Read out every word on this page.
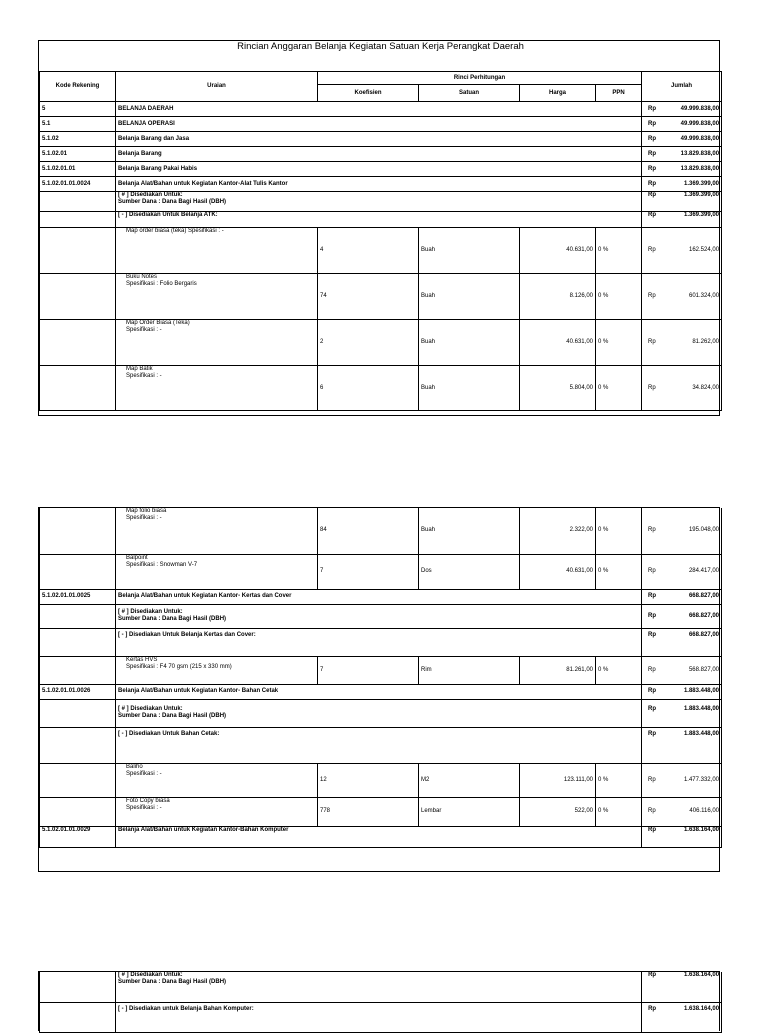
Rincian Anggaran Belanja Kegiatan Satuan Kerja Perangkat Daerah							
Kode Rekening	Uraian	Rinci Perhitungan				Jumlah	
		Koefisien	Satuan	Harga	PPN		
5	BELANJA DAERAH					Rp	49.999.838,00
5.1	BELANJA OPERASI					Rp	49.999.838,00
5.1.02	Belanja Barang dan Jasa					Rp	49.999.838,00
5.1.02.01	Belanja Barang					Rp	13.829.838,00
5.1.02.01.01	Belanja Barang Pakai Habis					Rp	13.829.838,00
5.1.02.01.01.0024	Belanja Alat/Bahan untuk Kegiatan Kantor-Alat Tulis Kantor					Rp	1.369.399,00

	[ # ] Disediakan Untuk:
Sumber Dana : Dana Bagi Hasil (DBH)					Rp	1.369.399,00
	[ - ] Disediakan Untuk Belanja ATK:					Rp	1.369.399,00

	Map order biasa (teka) Spesifikasi : -	4	Buah	40.631,00	0 %	Rp	162.524,00

	Buku Notes
Spesifikasi : Folio Bergaris	74	Buah	8.126,00	0 %	Rp	601.324,00

	Map Order Biasa (Teka)
Spesifikasi : -	2	Buah	40.631,00	0 %	Rp	81.262,00

	Map Batik
Spesifikasi : -	6	Buah	5.804,00	0 %	Rp	34.824,00

	Map folio biasa
Spesifikasi : -	84	Buah	2.322,00	0 %	Rp	195.048,00

	Balpoint
Spesifikasi : Snowman V-7	7	Dos	40.631,00	0 %	Rp	284.417,00
5.1.02.01.01.0025	Belanja Alat/Bahan untuk Kegiatan Kantor- Kertas dan Cover					Rp	668.827,00

	[ # ] Disediakan Untuk:
Sumber Dana : Dana Bagi Hasil (DBH)					Rp	668.827,00
	[ - ] Disediakan Untuk Belanja Kertas dan Cover:					Rp	668.827,00

	Kertas HVS
Spesifikasi : F4 70 gsm (215 x 330 mm)	7	Rim	81.261,00	0 %	Rp	568.827,00
5.1.02.01.01.0026	Belanja Alat/Bahan untuk Kegiatan Kantor- Bahan Cetak					Rp	1.883.448,00

	[ # ] Disediakan Untuk:
Sumber Dana : Dana Bagi Hasil (DBH)					Rp	1.883.448,00
	[ - ] Disediakan Untuk Bahan Cetak:					Rp	1.883.448,00

	Baliho
Spesifikasi : -	12	M2	123.111,00	0 %	Rp	1.477.332,00

	Foto Copy biasa
Spesifikasi : -	778	Lembar	522,00	0 %	Rp	406.116,00
5.1.02.01.01.0029	Belanja Alat/Bahan untuk Kegiatan Kantor-Bahan Komputer					Rp	1.638.164,00

	[ # ] Disediakan Untuk:
Sumber Dana : Dana Bagi Hasil (DBH)	Rp	1.638.164,00
	[ - ] Disediakan untuk Belanja Bahan Komputer:	Rp	1.638.164,00
